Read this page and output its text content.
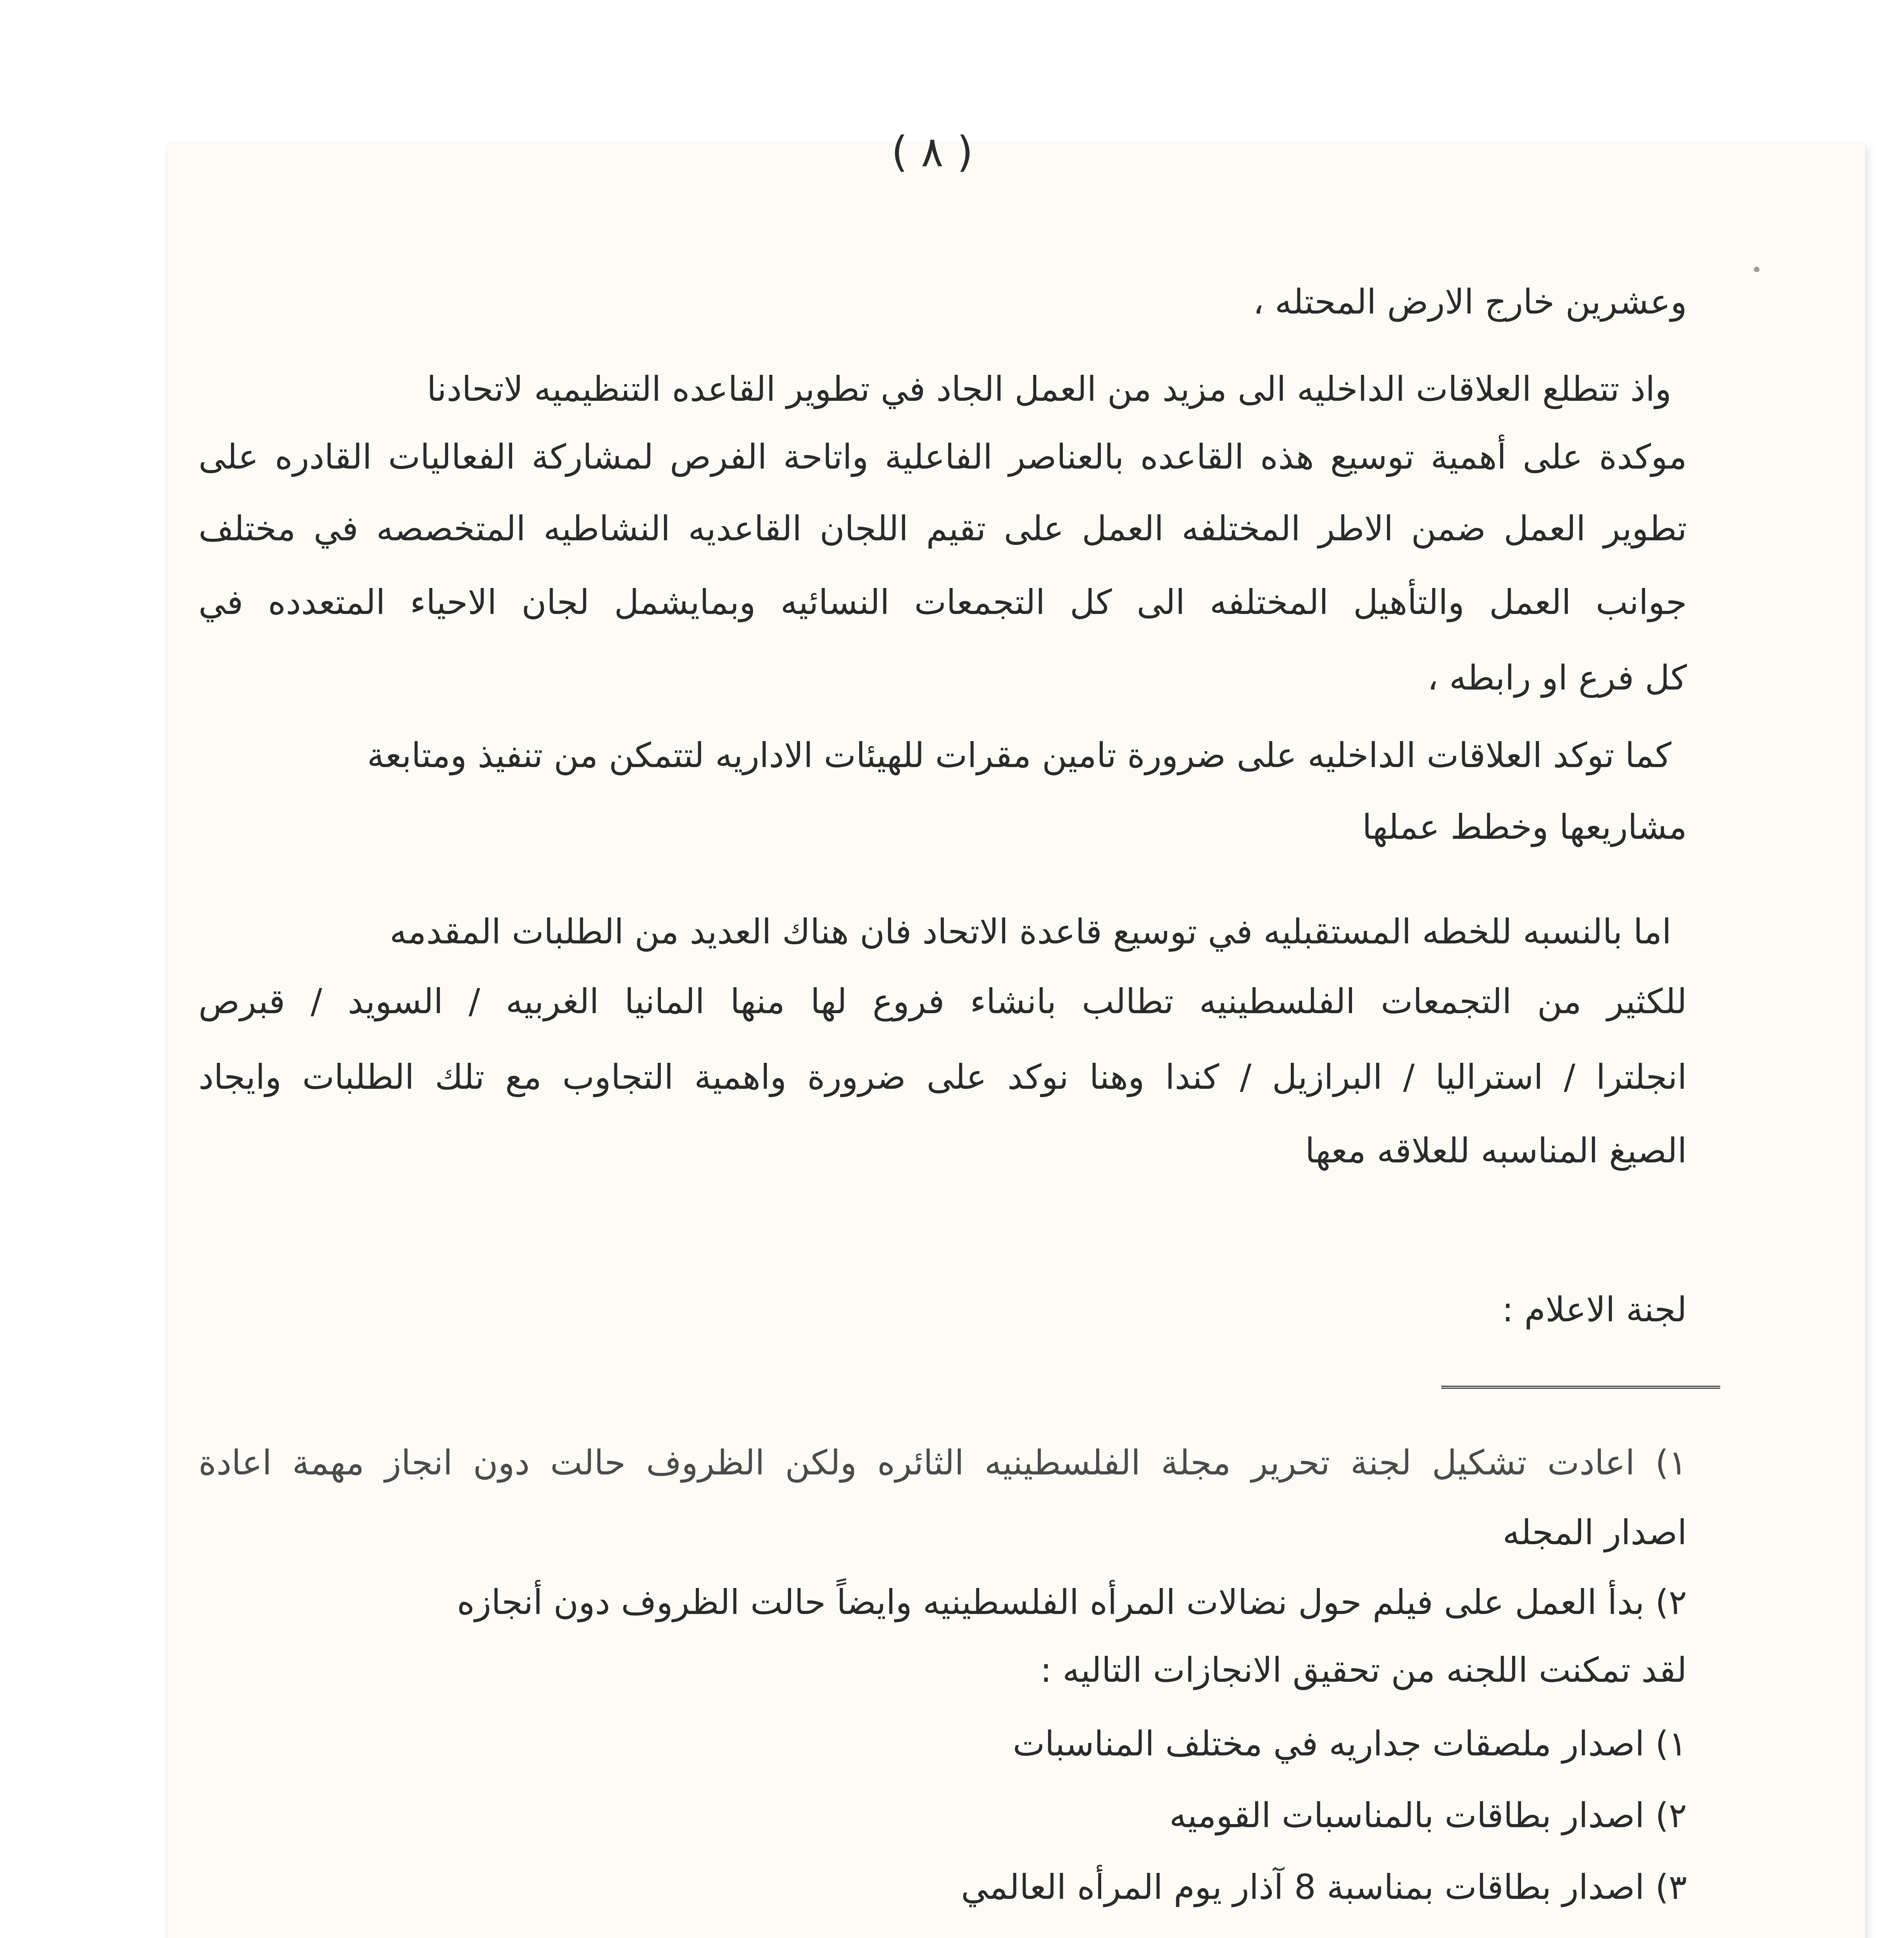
( ٨ )
وعشرين خارج الارض المحتله ،
واذ تتطلع العلاقات الداخليه الى مزيد من العمل الجاد في تطوير القاعده التنظيميه لاتحادنا
موكدة على أهمية توسيع هذه القاعده بالعناصر الفاعلية واتاحة الفرص لمشاركة الفعاليات القادره على
تطوير العمل ضمن الاطر المختلفه العمل على تقيم اللجان القاعديه النشاطيه المتخصصه في مختلف
جوانب العمل والتأهيل المختلفه الى كل التجمعات النسائيه وبمايشمل لجان الاحياء المتعدده في
كل فرع او رابطه ،
كما توكد العلاقات الداخليه على ضرورة تامين مقرات للهيئات الاداريه لتتمكن من تنفيذ ومتابعة
مشاريعها وخطط عملها
اما بالنسبه للخطه المستقبليه في توسيع قاعدة الاتحاد فان هناك العديد من الطلبات المقدمه
للكثير من التجمعات الفلسطينيه تطالب بانشاء فروع لها منها المانيا الغربيه / السويد / قبرص
انجلترا / استراليا / البرازيل / كندا وهنا نوكد على ضرورة واهمية التجاوب مع تلك الطلبات وايجاد
الصيغ المناسبه للعلاقه معها
لجنة الاعلام :
١) اعادت تشكيل لجنة تحرير مجلة الفلسطينيه الثائره ولكن الظروف حالت دون انجاز مهمة اعادة
اصدار المجله
٢) بدأ العمل على فيلم حول نضالات المرأه الفلسطينيه وايضاً حالت الظروف دون أنجازه
لقد تمكنت اللجنه من تحقيق الانجازات التاليه :
١) اصدار ملصقات جداريه في مختلف المناسبات
٢) اصدار بطاقات بالمناسبات القوميه
٣) اصدار بطاقات بمناسبة 8 آذار يوم المرأه العالمي
